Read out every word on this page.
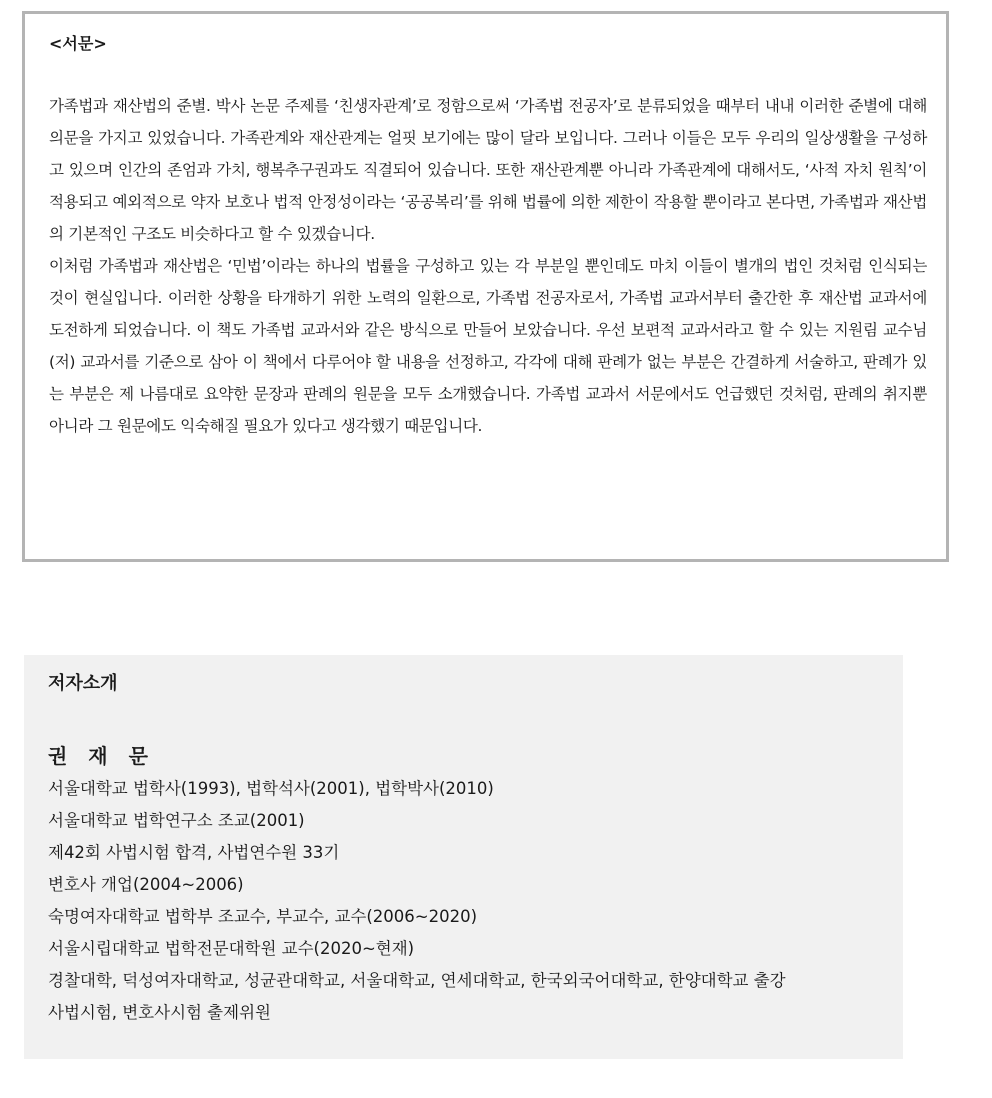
<서문>

가족법과 재산법의 준별. 박사 논문 주제를 ‘친생자관계’로 정함으로써 ‘가족법 전공자’로 분류되었을 때부터 내내 이러한 준별에 대해 의문을 가지고 있었습니다. 가족관계와 재산관계는 얼핏 보기에는 많이 달라 보입니다. 그러나 이들은 모두 우리의 일상생활을 구성하고 있으며 인간의 존엄과 가치, 행복추구권과도 직결되어 있습니다. 또한 재산관계뿐 아니라 가족관계에 대해서도, ‘사적 자치 원칙’이 적용되고 예외적으로 약자 보호나 법적 안정성이라는 ‘공공복리’를 위해 법률에 의한 제한이 작용할 뿐이라고 본다면, 가족법과 재산법의 기본적인 구조도 비슷하다고 할 수 있겠습니다.

이처럼 가족법과 재산법은 ‘민법’이라는 하나의 법률을 구성하고 있는 각 부분일 뿐인데도 마치 이들이 별개의 법인 것처럼 인식되는 것이 현실입니다. 이러한 상황을 타개하기 위한 노력의 일환으로, 가족법 전공자로서, 가족법 교과서부터 출간한 후 재산법 교과서에 도전하게 되었습니다. 이 책도 가족법 교과서와 같은 방식으로 만들어 보았습니다. 우선 보편적 교과서라고 할 수 있는 지원림 교수님(저) 교과서를 기준으로 삼아 이 책에서 다루어야 할 내용을 선정하고, 각각에 대해 판례가 없는 부분은 간결하게 서술하고, 판례가 있는 부분은 제 나름대로 요약한 문장과 판례의 원문을 모두 소개했습니다. 가족법 교과서 서문에서도 언급했던 것처럼, 판례의 취지뿐 아니라 그 원문에도 익숙해질 필요가 있다고 생각했기 때문입니다.

저자소개
권 재 문
서울대학교 법학사(1993), 법학석사(2001), 법학박사(2010)
서울대학교 법학연구소 조교(2001)
제42회 사법시험 합격, 사법연수원 33기
변호사 개업(2004~2006)
숙명여자대학교 법학부 조교수, 부교수, 교수(2006~2020)
서울시립대학교 법학전문대학원 교수(2020~현재)
경찰대학, 덕성여자대학교, 성균관대학교, 서울대학교, 연세대학교, 한국외국어대학교, 한양대학교 출강
사법시험, 변호사시험 출제위원
